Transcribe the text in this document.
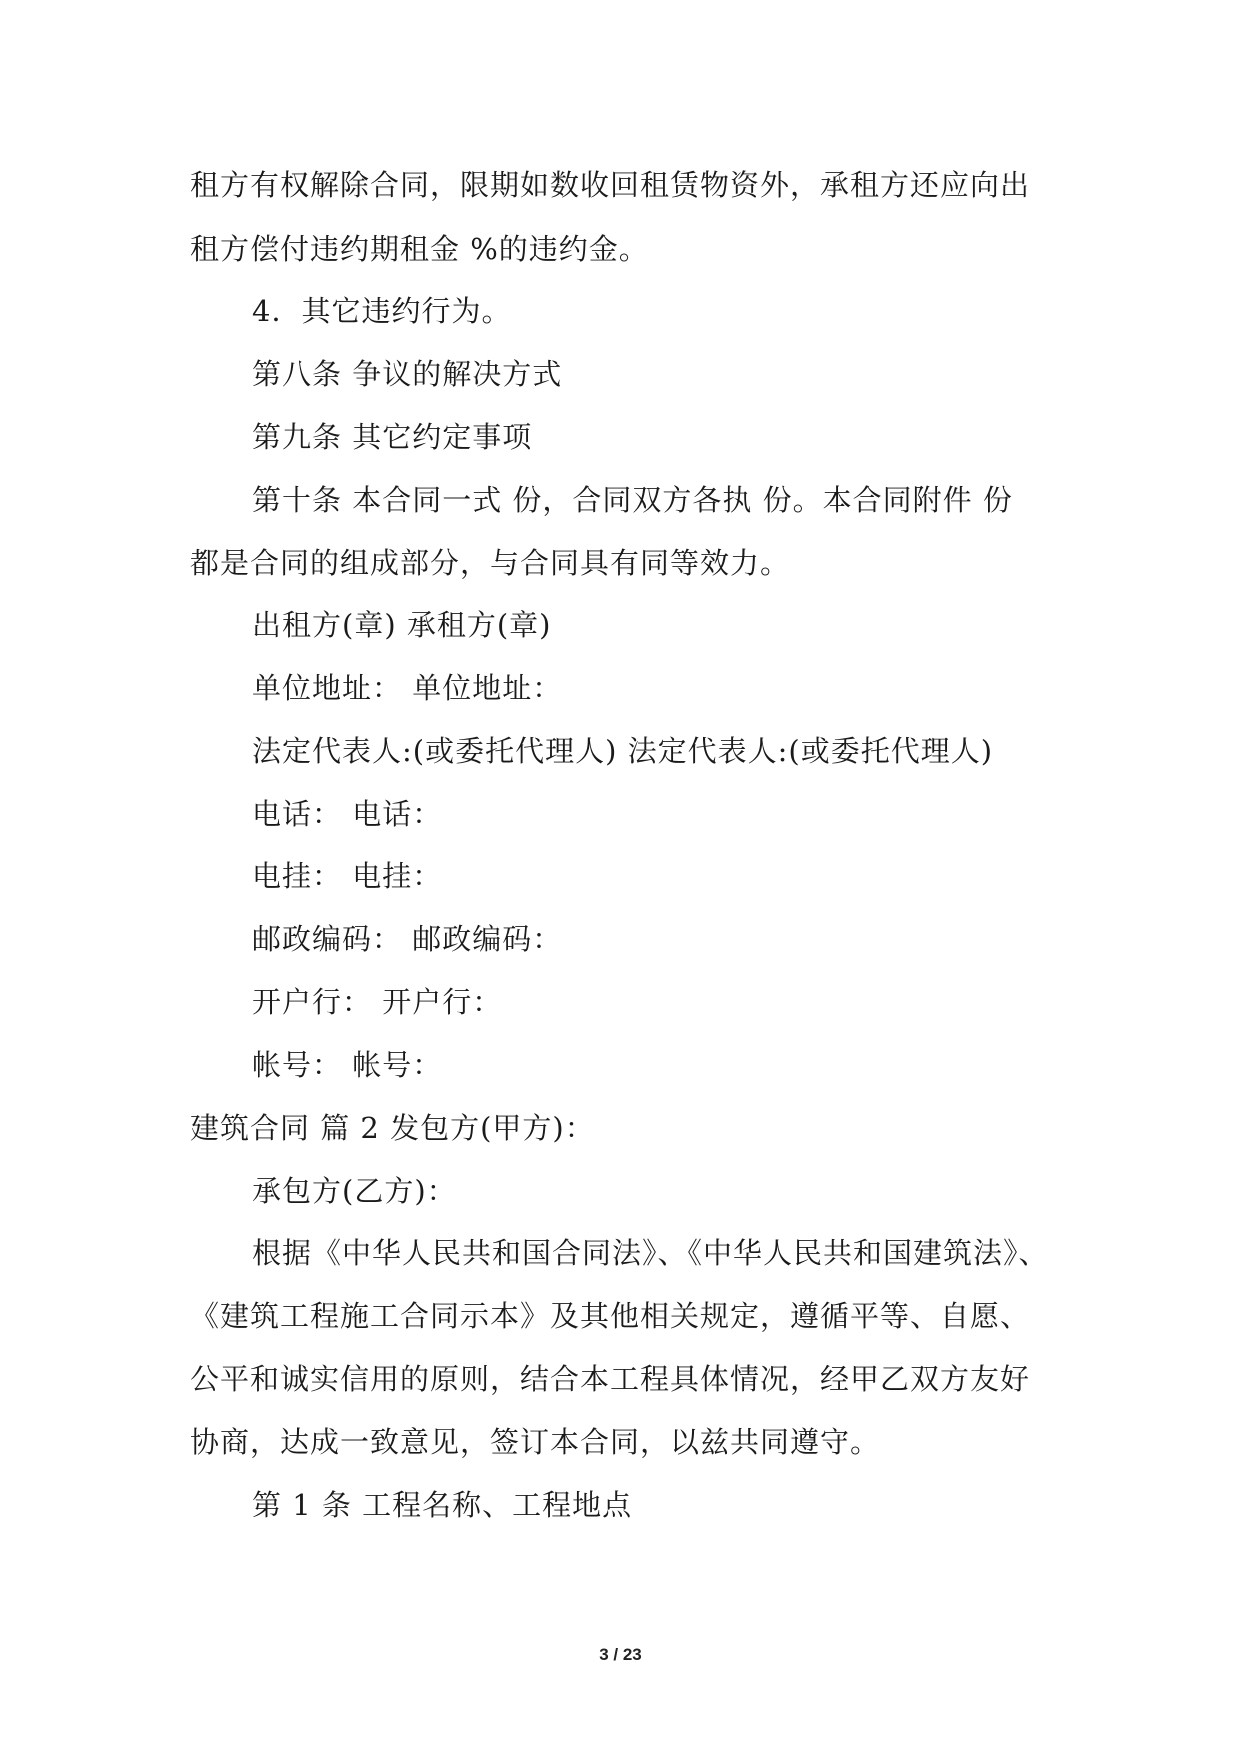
租方有权解除合同，限期如数收回租赁物资外，承租方还应向出
租方偿付违约期租金 %的违约金。
4．其它违约行为。
第八条 争议的解决方式
第九条 其它约定事项
第十条 本合同一式 份，合同双方各执 份。本合同附件 份
都是合同的组成部分，与合同具有同等效力。
出租方(章) 承租方(章)
单位地址： 单位地址：
法定代表人:(或委托代理人) 法定代表人:(或委托代理人)
电话： 电话：
电挂： 电挂：
邮政编码： 邮政编码：
开户行： 开户行：
帐号： 帐号：
建筑合同 篇 2 发包方(甲方)：
承包方(乙方)：
根据《中华人民共和国合同法》、《中华人民共和国建筑法》、
《建筑工程施工合同示本》及其他相关规定，遵循平等、自愿、
公平和诚实信用的原则，结合本工程具体情况，经甲乙双方友好
协商，达成一致意见，签订本合同，以兹共同遵守。
第 1 条 工程名称、工程地点
3 / 23
